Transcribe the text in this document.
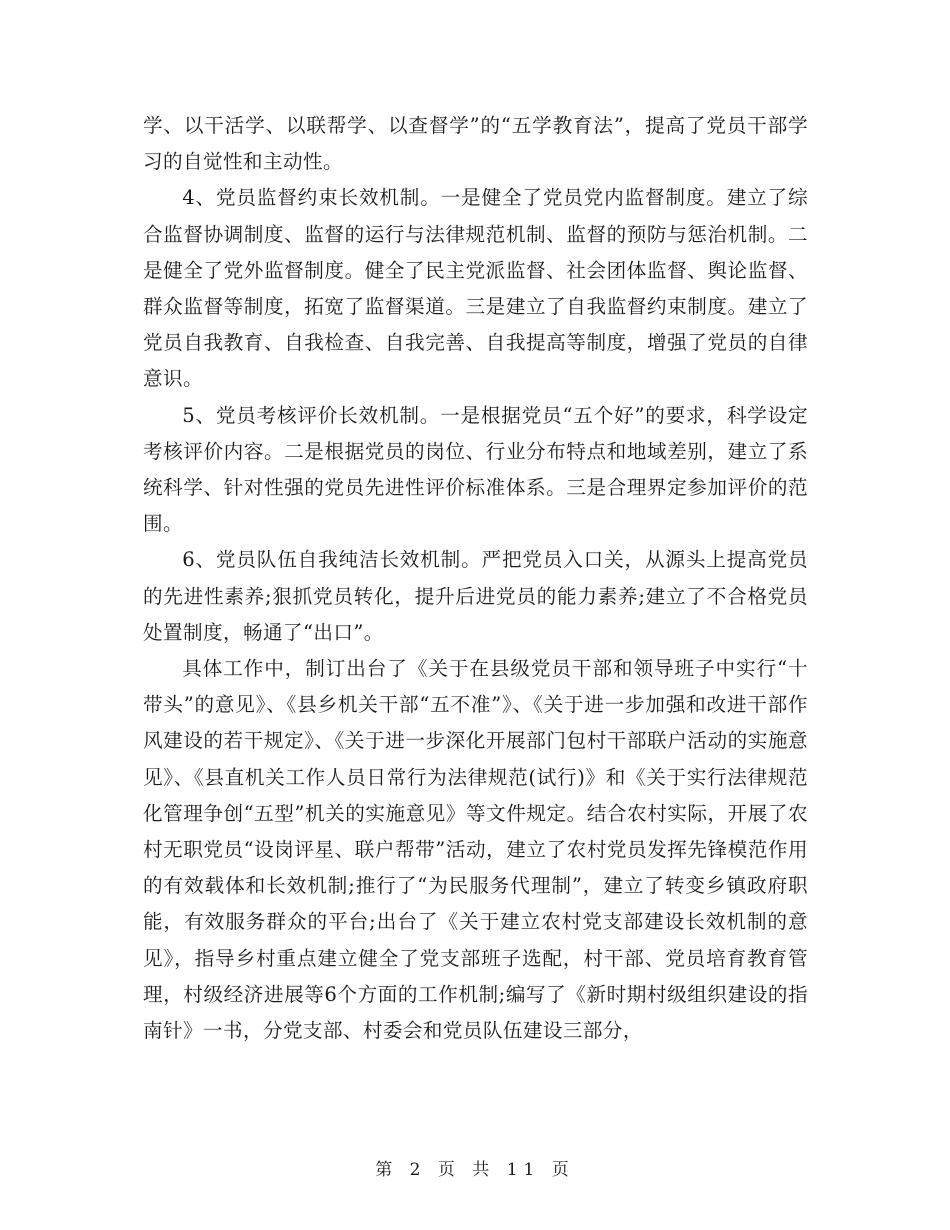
学、以干活学、以联帮学、以查督学”的“五学教育法”，提高了党员干部学习的自觉性和主动性。

4、党员监督约束长效机制。一是健全了党员党内监督制度。建立了综合监督协调制度、监督的运行与法律规范机制、监督的预防与惩治机制。二是健全了党外监督制度。健全了民主党派监督、社会团体监督、舆论监督、群众监督等制度，拓宽了监督渠道。三是建立了自我监督约束制度。建立了党员自我教育、自我检查、自我完善、自我提高等制度，增强了党员的自律意识。

5、党员考核评价长效机制。一是根据党员“五个好”的要求，科学设定考核评价内容。二是根据党员的岗位、行业分布特点和地域差别，建立了系统科学、针对性强的党员先进性评价标准体系。三是合理界定参加评价的范围。

6、党员队伍自我纯洁长效机制。严把党员入口关，从源头上提高党员的先进性素养;狠抓党员转化，提升后进党员的能力素养;建立了不合格党员处置制度，畅通了“出口”。

具体工作中，制订出台了《关于在县级党员干部和领导班子中实行“十带头”的意见》、《县乡机关干部“五不准”》、《关于进一步加强和改进干部作风建设的若干规定》、《关于进一步深化开展部门包村干部联户活动的实施意见》、《县直机关工作人员日常行为法律规范(试行)》和《关于实行法律规范化管理争创“五型”机关的实施意见》等文件规定。结合农村实际，开展了农村无职党员“设岗评星、联户帮带”活动，建立了农村党员发挥先锋模范作用的有效载体和长效机制;推行了“为民服务代理制”，建立了转变乡镇政府职能，有效服务群众的平台;出台了《关于建立农村党支部建设长效机制的意见》，指导乡村重点建立健全了党支部班子选配，村干部、党员培育教育管理，村级经济进展等6个方面的工作机制;编写了《新时期村级组织建设的指南针》一书，分党支部、村委会和党员队伍建设三部分，

第 2 页 共 11 页
